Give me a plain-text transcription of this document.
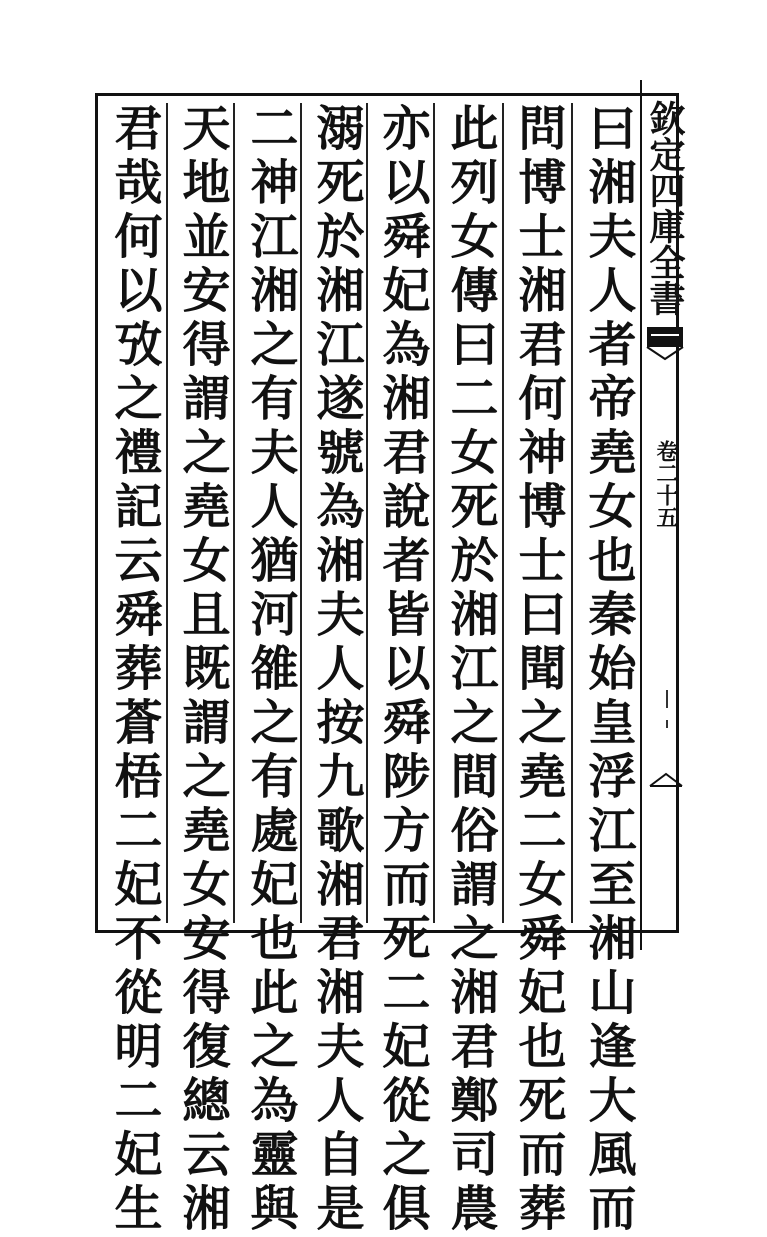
欽定四庫全書
卷二十五
曰湘夫人者帝堯女也秦始皇浮江至湘山逢大風而
問博士湘君何神博士曰聞之堯二女舜妃也死而葬
此列女傳曰二女死於湘江之間俗謂之湘君鄭司農
亦以舜妃為湘君說者皆以舜陟方而死二妃從之俱
溺死於湘江遂號為湘夫人按九歌湘君湘夫人自是
二神江湘之有夫人猶河雒之有處妃也此之為靈與
天地並安得謂之堯女且既謂之堯女安得復總云湘
君哉何以攷之禮記云舜葬蒼梧二妃不從明二妃生
